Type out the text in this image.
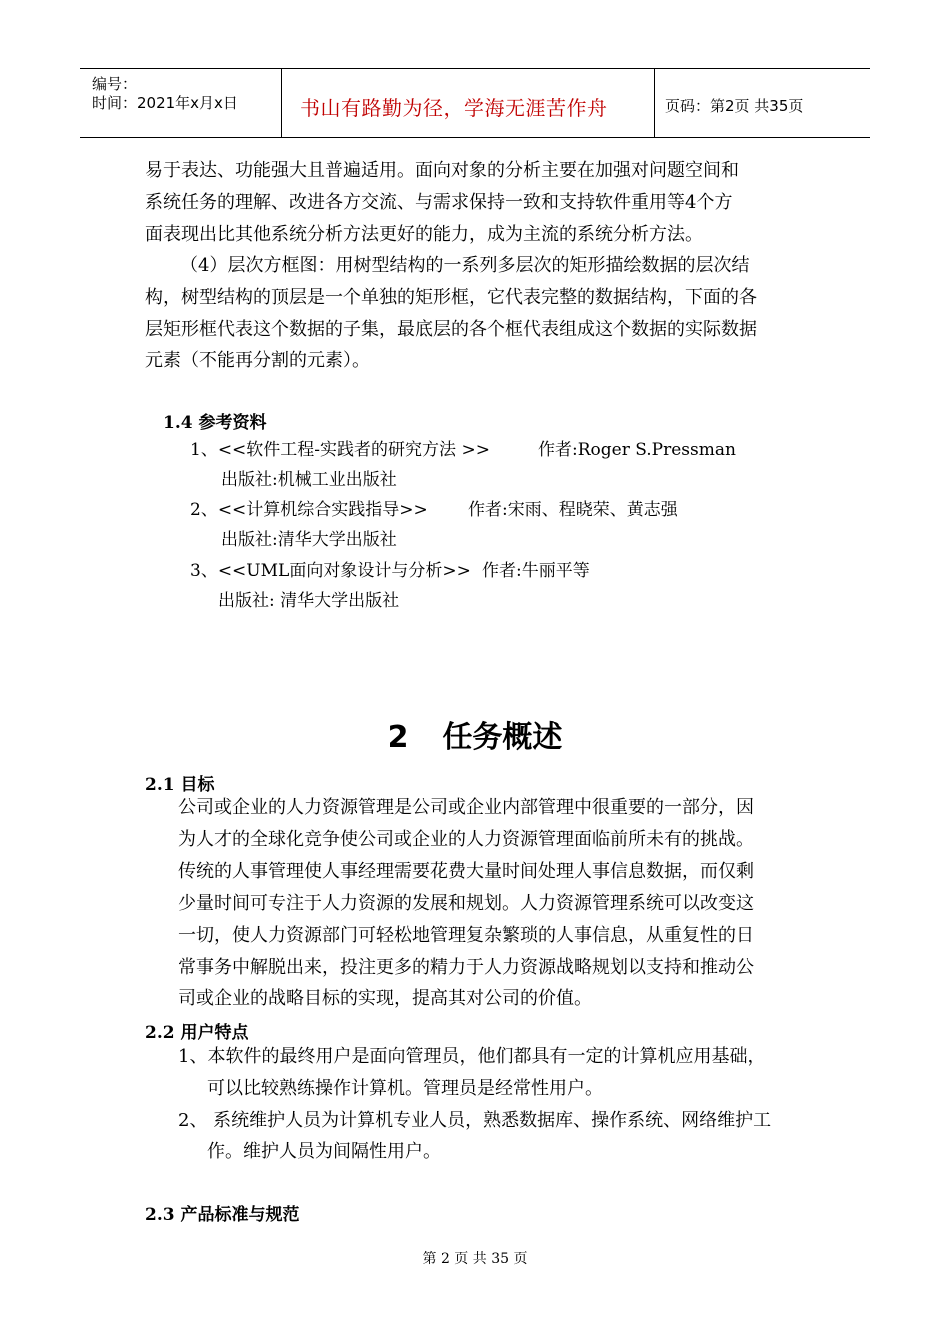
编号：
时间：2021年x月x日	书山有路勤为径，学海无涯苦作舟	页码：第2页 共35页
易于表达、功能强大且普遍适用。面向对象的分析主要在加强对问题空间和
系统任务的理解、改进各方交流、与需求保持一致和支持软件重用等4个方
面表现出比其他系统分析方法更好的能力，成为主流的系统分析方法。
（4）层次方框图：用树型结构的一系列多层次的矩形描绘数据的层次结
构，树型结构的顶层是一个单独的矩形框，它代表完整的数据结构，下面的各
层矩形框代表这个数据的子集，最底层的各个框代表组成这个数据的实际数据
元素（不能再分割的元素）。
1.4 参考资料
1、<<软件工程-实践者的研究方法 >>	作者:Roger S.Pressman
出版社:机械工业出版社
2、<<计算机综合实践指导>> 作者:宋雨、程晓荣、黄志强
出版社:清华大学出版社
3、<<UML面向对象设计与分析>> 作者:牛丽平等
出版社: 清华大学出版社
2 任务概述
2.1 目标
公司或企业的人力资源管理是公司或企业内部管理中很重要的一部分，因
为人才的全球化竞争使公司或企业的人力资源管理面临前所未有的挑战。
传统的人事管理使人事经理需要花费大量时间处理人事信息数据，而仅剩
少量时间可专注于人力资源的发展和规划。人力资源管理系统可以改变这
一切，使人力资源部门可轻松地管理复杂繁琐的人事信息，从重复性的日
常事务中解脱出来，投注更多的精力于人力资源战略规划以支持和推动公
司或企业的战略目标的实现，提高其对公司的价值。
2.2 用户特点
1、本软件的最终用户是面向管理员，他们都具有一定的计算机应用基础，
可以比较熟练操作计算机。管理员是经常性用户。
2、 系统维护人员为计算机专业人员，熟悉数据库、操作系统、网络维护工
作。维护人员为间隔性用户。
2.3 产品标准与规范
第 2 页 共 35 页
